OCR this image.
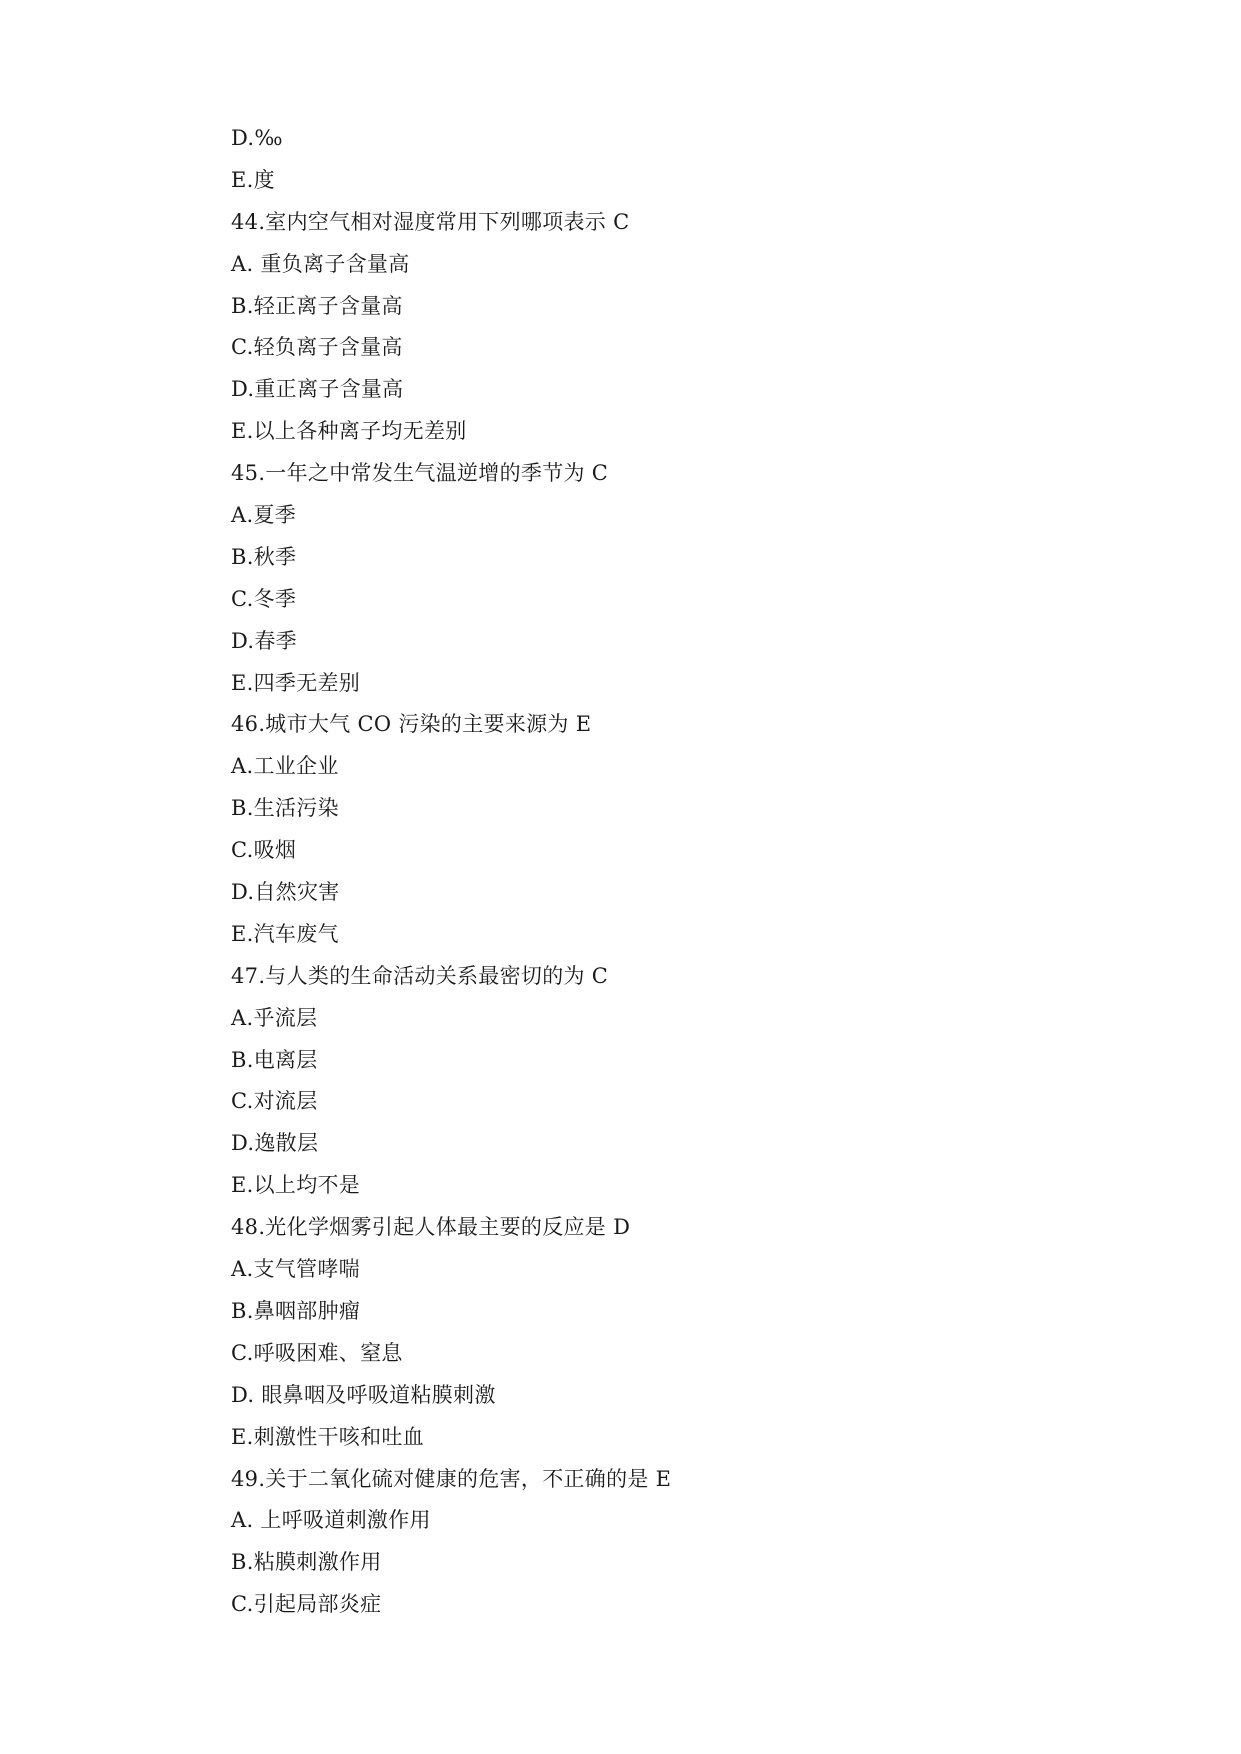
D.‰
E.度
44.室内空气相对湿度常用下列哪项表示 C
A. 重负离子含量高
B.轻正离子含量高
C.轻负离子含量高
D.重正离子含量高
E.以上各种离子均无差别
45.一年之中常发生气温逆增的季节为 C
A.夏季
B.秋季
C.冬季
D.春季
E.四季无差别
46.城市大气 CO 污染的主要来源为 E
A.工业企业
B.生活污染
C.吸烟
D.自然灾害
E.汽车废气
47.与人类的生命活动关系最密切的为 C
A.乎流层
B.电离层
C.对流层
D.逸散层
E.以上均不是
48.光化学烟雾引起人体最主要的反应是 D
A.支气管哮喘
B.鼻咽部肿瘤
C.呼吸困难、窒息
D. 眼鼻咽及呼吸道粘膜刺激
E.刺激性干咳和吐血
49.关于二氧化硫对健康的危害，不正确的是 E
A. 上呼吸道刺激作用
B.粘膜刺激作用
C.引起局部炎症
